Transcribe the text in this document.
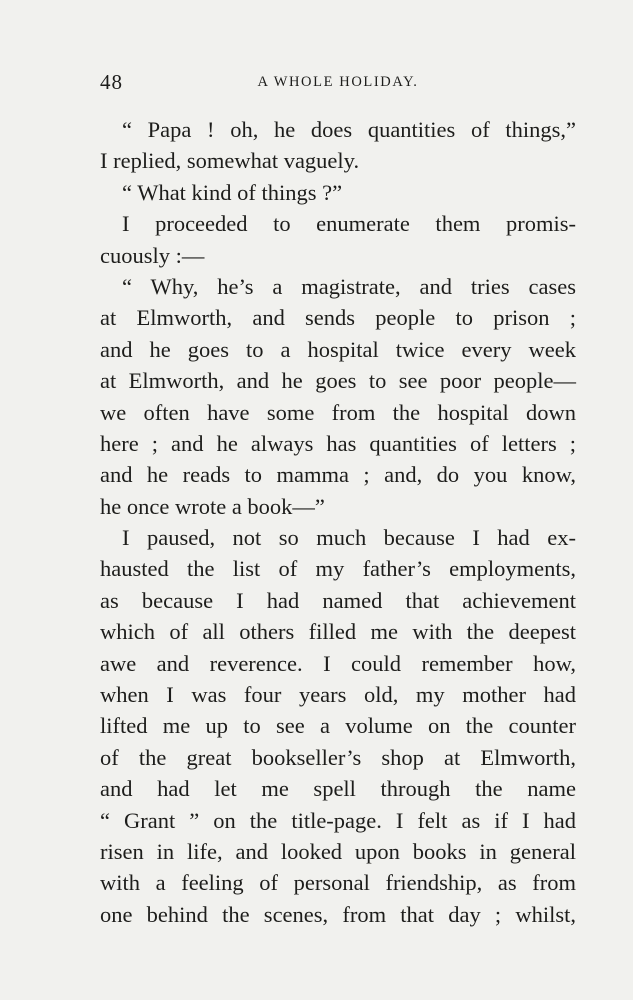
48	A WHOLE HOLIDAY.
“ Papa ! oh, he does quantities of things,”
I replied, somewhat vaguely.
“ What kind of things ?”
I proceeded to enumerate them promis-
cuously :—
“ Why, he’s a magistrate, and tries cases
at Elmworth, and sends people to prison ;
and he goes to a hospital twice every week
at Elmworth, and he goes to see poor people—
we often have some from the hospital down
here ; and he always has quantities of letters ;
and he reads to mamma ; and, do you know,
he once wrote a book—”
I paused, not so much because I had ex-
hausted the list of my father’s employments,
as because I had named that achievement
which of all others filled me with the deepest
awe and reverence. I could remember how,
when I was four years old, my mother had
lifted me up to see a volume on the counter
of the great bookseller’s shop at Elmworth,
and had let me spell through the name
“ Grant ” on the title-page. I felt as if I had
risen in life, and looked upon books in general
with a feeling of personal friendship, as from
one behind the scenes, from that day ; whilst,
